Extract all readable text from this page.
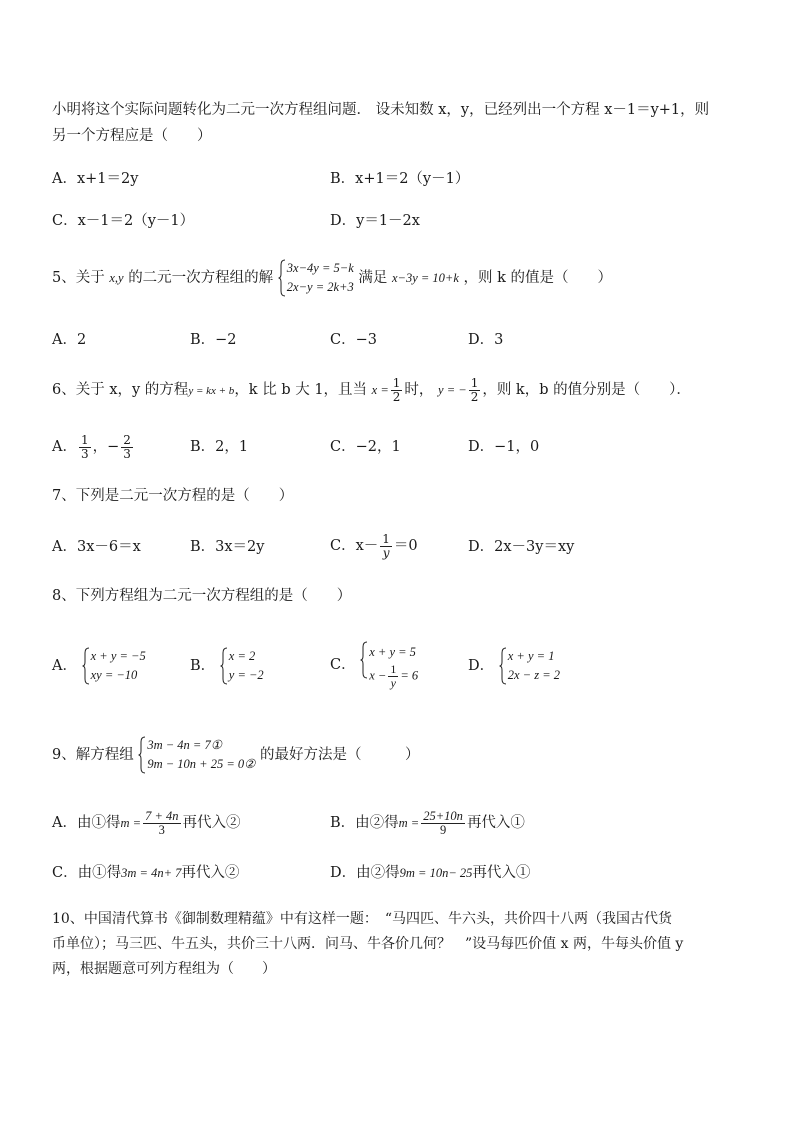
小明将这个实际问题转化为二元一次方程组问题． 设未知数 x，y，已经列出一个方程 x－1＝y+1，则
另一个方程应是（　　）
A．x+1＝2y	B．x+1＝2（y－1）
C．x－1＝2（y－1）	D．y＝1－2x
5、关于 x,y 的二元一次方程组的解
3x−4y = 5−k
2x−y = 2k+3
满足 x−3y = 10+k ，则 k 的值是（　　）
A．2	B．−2	C．−3	D．3
6、关于 x，y 的方程y = kx + b，k 比 b 大 1，且当 $x = \frac{1}{2}$ 时， y = − $\frac{1}{2}$ ，则 k，b 的值分别是（　　）．
A． $\frac{1}{3}$ ，− $\frac{2}{3}$	B．2，1	C．−2，1	D．−1，0
7、下列是二元一次方程的是（　　）
A．3x－6＝x	B．3x＝2y	C．$x- \frac{1}{y} =0$	D．2x－3y＝xy
8、下列方程组为二元一次方程组的是（　　）
A．
x + y = −5
xy = −10
B．
x = 2
y = −2
C．
x + y = 5
$x - \frac{1}{y} = 6$
D．
x + y = 1
2x − z = 2
9、解方程组
3m − 4n = 7①
9m − 10n + 25 = 0②
的最好方法是（　　　）
A．由①得$m = \frac{7 + 4n}{3}$ 再代入②	B．由②得$m = \frac{25+10n}{9}$ 再代入①
C．由①得3m = 4n+ 7再代入②	D．由②得9m = 10n− 25再代入①
10、中国清代算书《御制数理精蕴》中有这样一题：　“马四匹、牛六头，共价四十八两（我国古代货
币单位）；马三匹、牛五头，共价三十八两．问马、牛各价几何？　”设马每匹价值 x 两，牛每头价值 y
两，根据题意可列方程组为（　　）
